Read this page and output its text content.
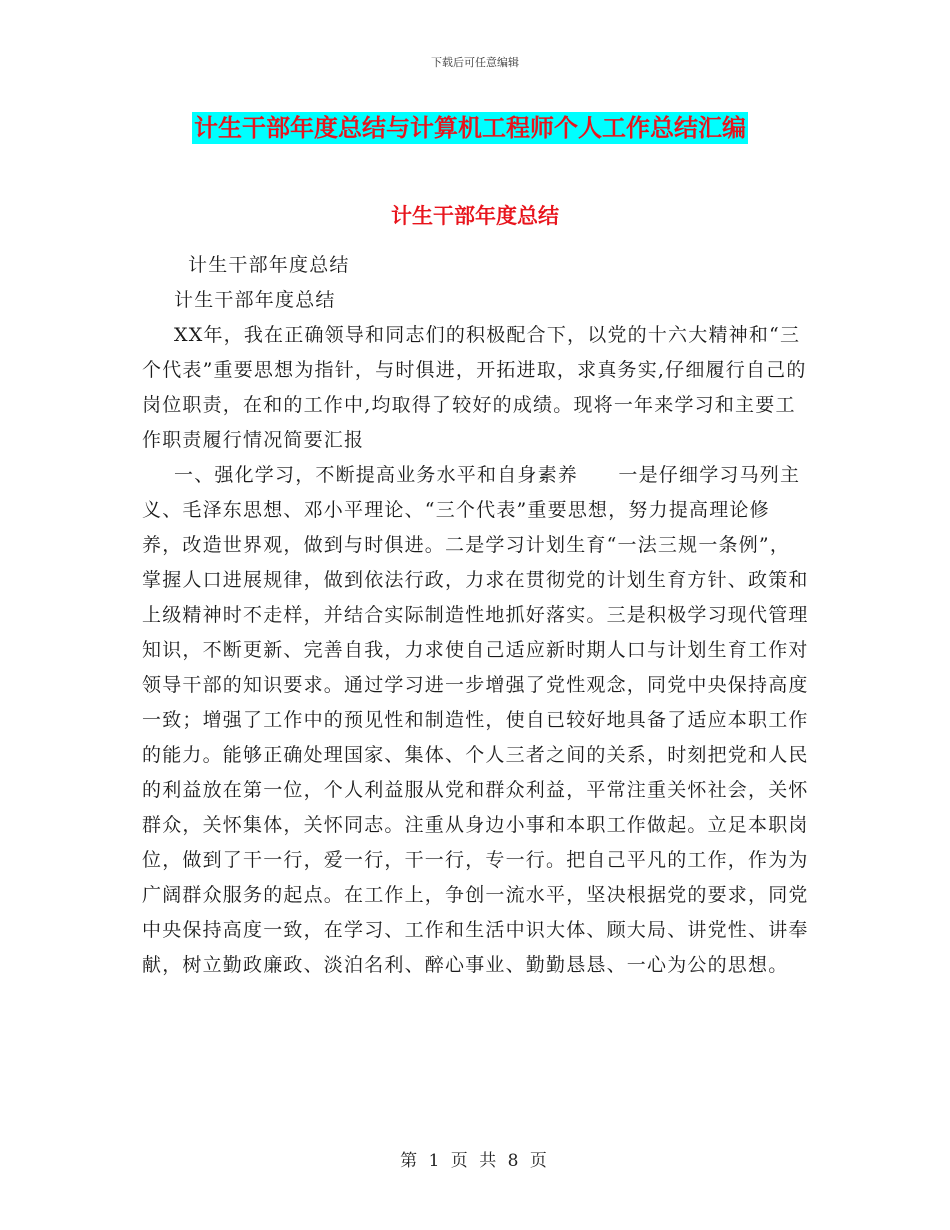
下载后可任意编辑
计生干部年度总结与计算机工程师个人工作总结汇编
计生干部年度总结

计生干部年度总结

计生干部年度总结

XX年，我在正确领导和同志们的积极配合下，以党的十六大精神和“三个代表”重要思想为指针，与时俱进，开拓进取，求真务实,仔细履行自己的岗位职责，在和的工作中,均取得了较好的成绩。现将一年来学习和主要工作职责履行情况简要汇报

一、强化学习，不断提高业务水平和自身素养　　一是仔细学习马列主义、毛泽东思想、邓小平理论、“三个代表”重要思想，努力提高理论修养，改造世界观，做到与时俱进。二是学习计划生育“一法三规一条例”，掌握人口进展规律，做到依法行政，力求在贯彻党的计划生育方针、政策和上级精神时不走样，并结合实际制造性地抓好落实。三是积极学习现代管理知识，不断更新、完善自我，力求使自己适应新时期人口与计划生育工作对领导干部的知识要求。通过学习进一步增强了党性观念，同党中央保持高度一致；增强了工作中的预见性和制造性，使自已较好地具备了适应本职工作的能力。能够正确处理国家、集体、个人三者之间的关系，时刻把党和人民的利益放在第一位，个人利益服从党和群众利益，平常注重关怀社会，关怀群众，关怀集体，关怀同志。注重从身边小事和本职工作做起。立足本职岗位，做到了干一行，爱一行，干一行，专一行。把自己平凡的工作，作为为广阔群众服务的起点。在工作上，争创一流水平，坚决根据党的要求，同党中央保持高度一致，在学习、工作和生活中识大体、顾大局、讲党性、讲奉献，树立勤政廉政、淡泊名利、醉心事业、勤勤恳恳、一心为公的思想。

第 1 页 共 8 页
